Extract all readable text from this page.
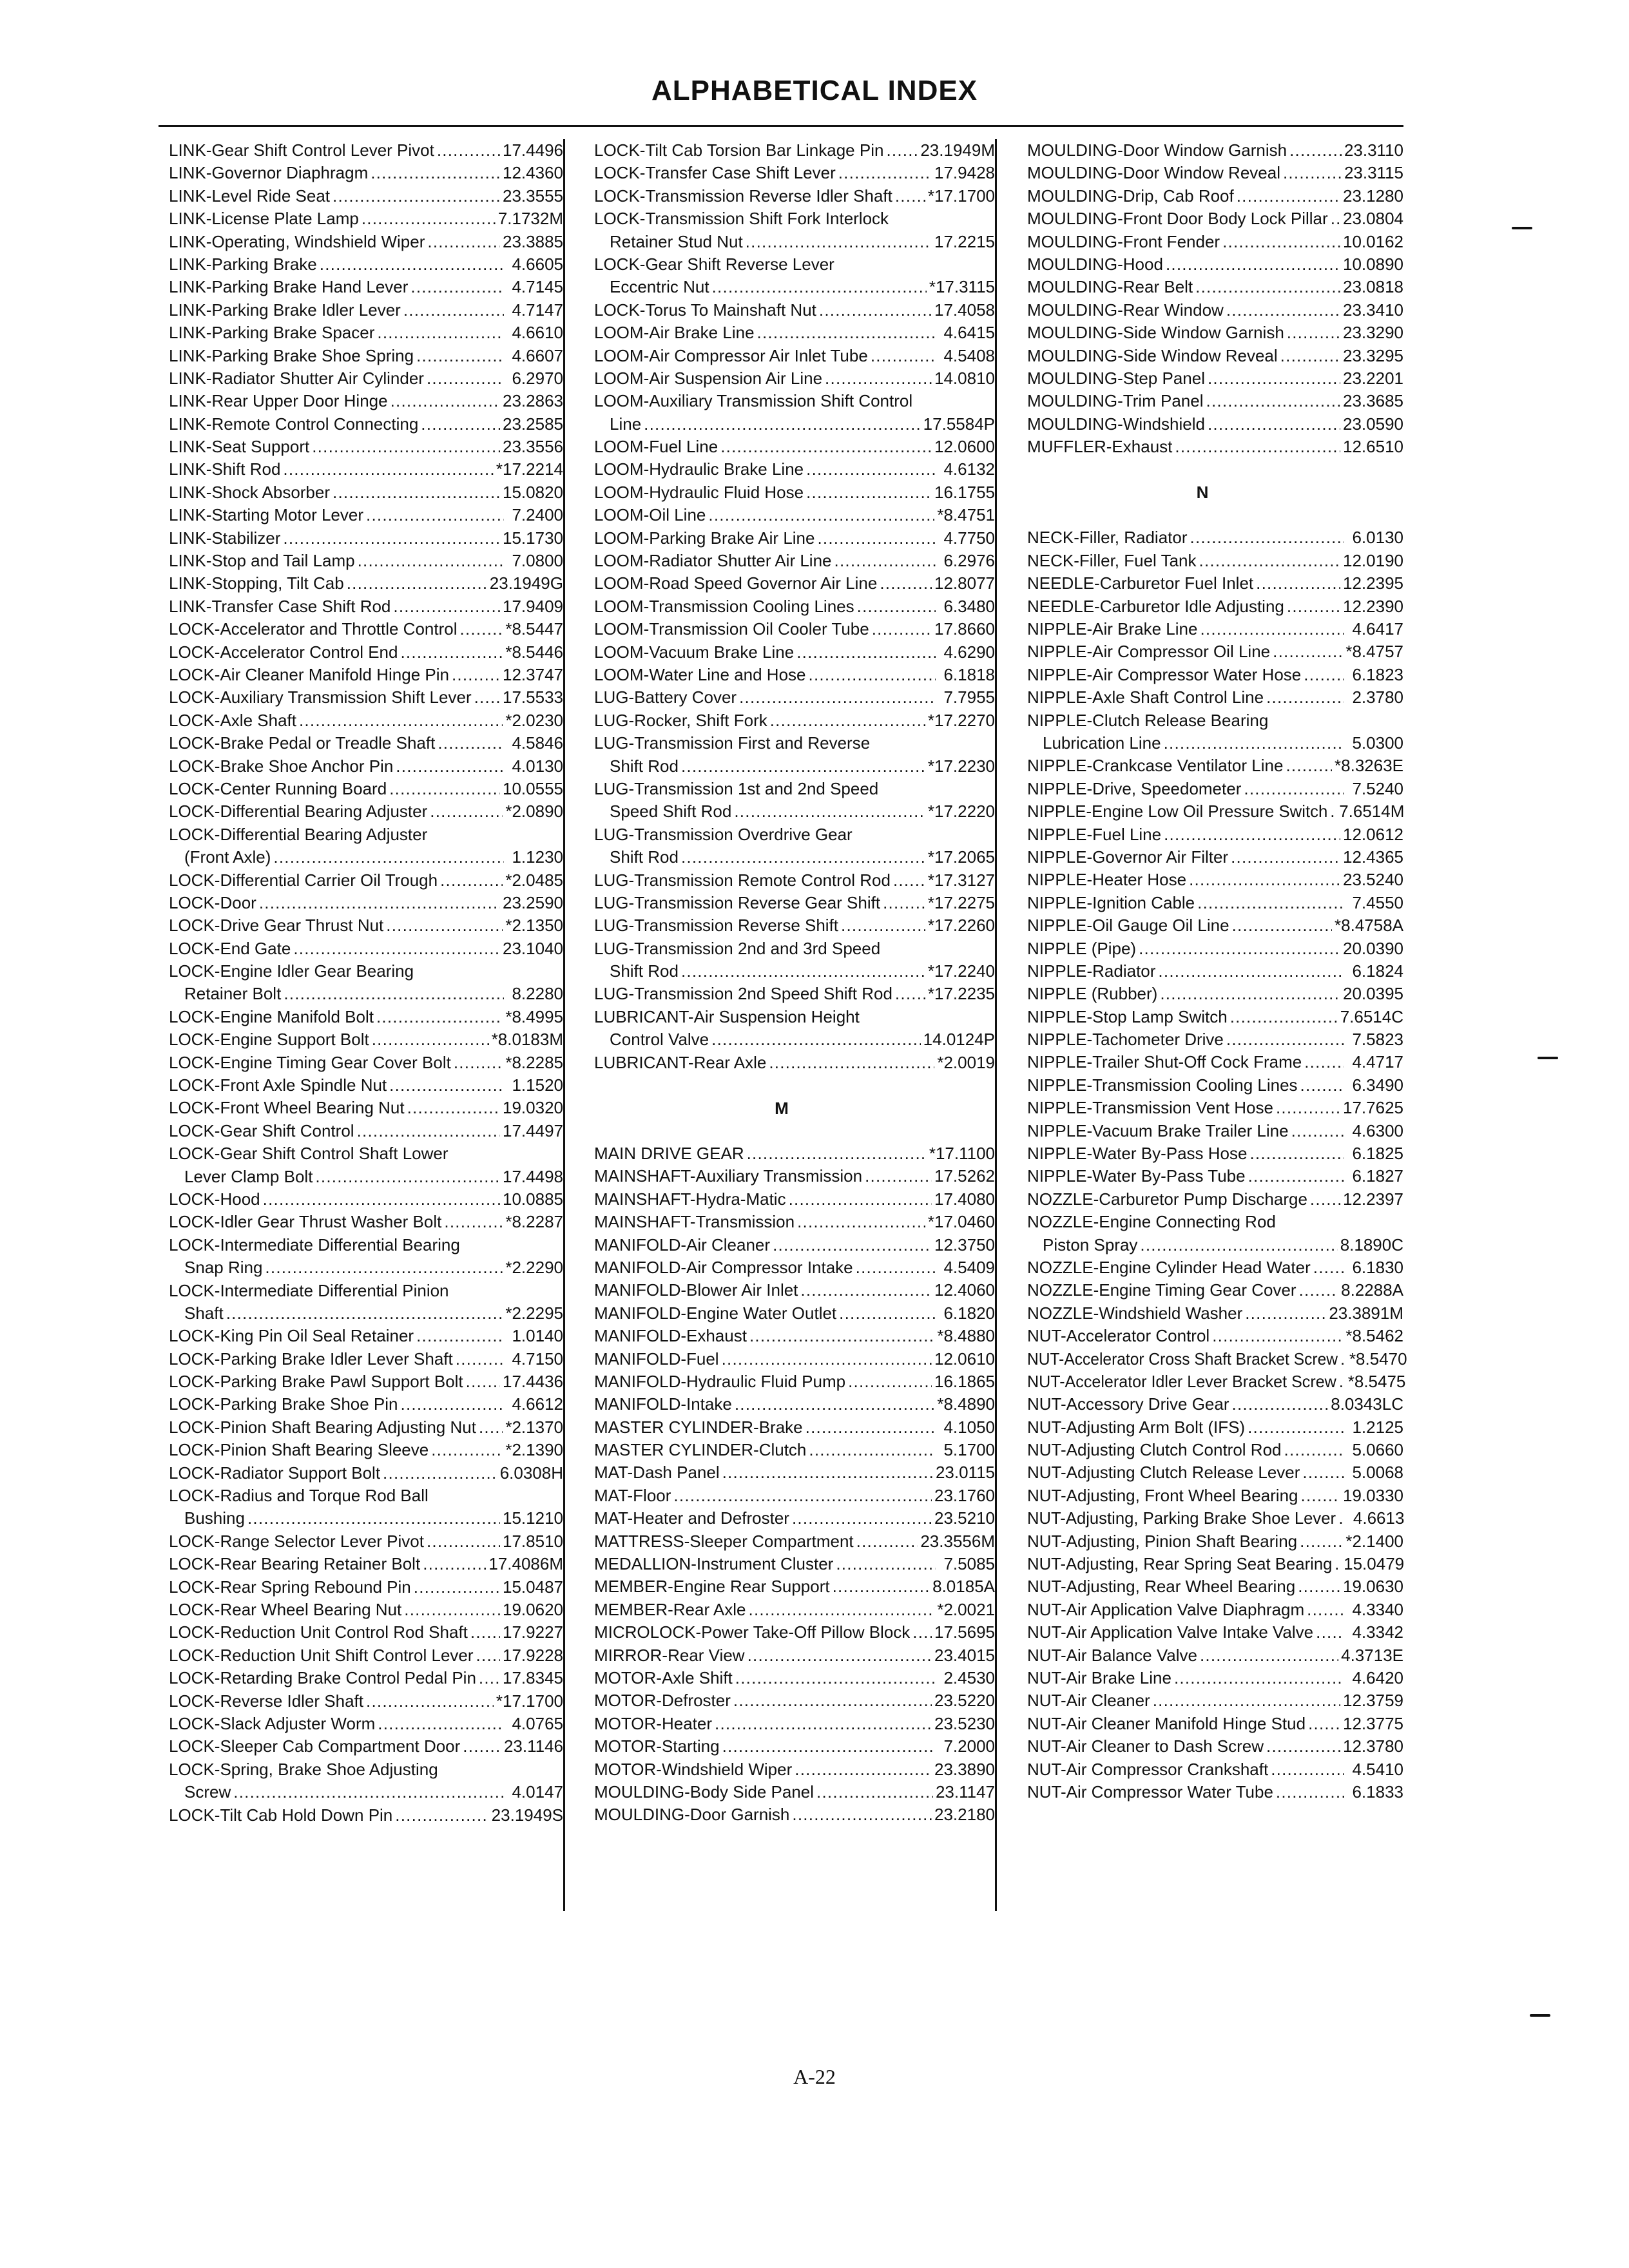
ALPHABETICAL INDEX
LINK-Gear Shift Control Lever Pivot . . .	17.4496
LINK-Governor Diaphragm . . .	12.4360
LINK-Level Ride Seat . . .	23.3555
LINK-License Plate Lamp . . .	7.1732M
LINK-Operating, Windshield Wiper . . .	23.3885
LINK-Parking Brake . . .	4.6605
LINK-Parking Brake Hand Lever . . .	4.7145
LINK-Parking Brake Idler Lever . . .	4.7147
LINK-Parking Brake Spacer . . .	4.6610
LINK-Parking Brake Shoe Spring . . .	4.6607
LINK-Radiator Shutter Air Cylinder . . .	6.2970
LINK-Rear Upper Door Hinge . . .	23.2863
LINK-Remote Control Connecting . . .	23.2585
LINK-Seat Support . . .	23.3556
LINK-Shift Rod . . .	*17.2214
LINK-Shock Absorber . . .	15.0820
LINK-Starting Motor Lever . . .	7.2400
LINK-Stabilizer . . .	15.1730
LINK-Stop and Tail Lamp . . .	7.0800
LINK-Stopping, Tilt Cab . . .	23.1949G
LINK-Transfer Case Shift Rod . . .	17.9409
LOCK-Accelerator and Throttle Control . . .	*8.5447
LOCK-Accelerator Control End . . .	*8.5446
LOCK-Air Cleaner Manifold Hinge Pin . . .	12.3747
LOCK-Auxiliary Transmission Shift Lever . . . 17.5533
LOCK-Axle Shaft . . .	*2.0230
LOCK-Brake Pedal or Treadle Shaft . . .	4.5846
LOCK-Brake Shoe Anchor Pin . . .	4.0130
LOCK-Center Running Board . . .	10.0555
LOCK-Differential Bearing Adjuster . . .	*2.0890
LOCK-Differential Bearing Adjuster
(Front Axle) . . .	1.1230
LOCK-Differential Carrier Oil Trough . . .	*2.0485
LOCK-Door . . .	23.2590
LOCK-Drive Gear Thrust Nut . . .	*2.1350
LOCK-End Gate . . .	23.1040
LOCK-Engine Idler Gear Bearing
Retainer Bolt . . .	8.2280
LOCK-Engine Manifold Bolt . . .	*8.4995
LOCK-Engine Support Bolt . . .	*8.0183M
LOCK-Engine Timing Gear Cover Bolt . . .	*8.2285
LOCK-Front Axle Spindle Nut . . .	1.1520
LOCK-Front Wheel Bearing Nut . . .	19.0320
LOCK-Gear Shift Control . . .	17.4497
LOCK-Gear Shift Control Shaft Lower
Lever Clamp Bolt . . .	17.4498
LOCK-Hood . . .	10.0885
LOCK-Idler Gear Thrust Washer Bolt . . .	*8.2287
LOCK-Intermediate Differential Bearing
Snap Ring . . .	*2.2290
LOCK-Intermediate Differential Pinion
Shaft . . .	*2.2295
LOCK-King Pin Oil Seal Retainer . . .	1.0140
LOCK-Parking Brake Idler Lever Shaft . . .	4.7150
LOCK-Parking Brake Pawl Support Bolt . . . 17.4436
LOCK-Parking Brake Shoe Pin . . .	4.6612
LOCK-Pinion Shaft Bearing Adjusting Nut . . . *2.1370
LOCK-Pinion Shaft Bearing Sleeve . . .	*2.1390
LOCK-Radiator Support Bolt . . .	6.0308H
LOCK-Radius and Torque Rod Ball
Bushing . . .	15.1210
LOCK-Range Selector Lever Pivot . . .	17.8510
LOCK-Rear Bearing Retainer Bolt . . .	17.4086M
LOCK-Rear Spring Rebound Pin . . .	15.0487
LOCK-Rear Wheel Bearing Nut . . .	19.0620
LOCK-Reduction Unit Control Rod Shaft . . . 17.9227
LOCK-Reduction Unit Shift Control Lever . . . 17.9228
LOCK-Retarding Brake Control Pedal Pin . . . 17.8345
LOCK-Reverse Idler Shaft . . .	*17.1700
LOCK-Slack Adjuster Worm . . .	4.0765
LOCK-Sleeper Cab Compartment Door . . .	23.1146
LOCK-Spring, Brake Shoe Adjusting
Screw . . .	4.0147
LOCK-Tilt Cab Hold Down Pin . . .	23.1949S
LOCK-Tilt Cab Torsion Bar Linkage Pin . . . 23.1949M
LOCK-Transfer Case Shift Lever . . .	17.9428
LOCK-Transmission Reverse Idler Shaft . . . *17.1700
LOCK-Transmission Shift Fork Interlock
Retainer Stud Nut . . .	17.2215
LOCK-Gear Shift Reverse Lever
Eccentric Nut . . .	*17.3115
LOCK-Torus To Mainshaft Nut . . .	17.4058
LOOM-Air Brake Line . . .	4.6415
LOOM-Air Compressor Air Inlet Tube . . .	4.5408
LOOM-Air Suspension Air Line . . .	14.0810
LOOM-Auxiliary Transmission Shift Control
Line . . .	17.5584P
LOOM-Fuel Line . . .	12.0600
LOOM-Hydraulic Brake Line . . .	4.6132
LOOM-Hydraulic Fluid Hose . . .	16.1755
LOOM-Oil Line . . .	*8.4751
LOOM-Parking Brake Air Line . . .	4.7750
LOOM-Radiator Shutter Air Line . . .	6.2976
LOOM-Road Speed Governor Air Line . . .	12.8077
LOOM-Transmission Cooling Lines . . .	6.3480
LOOM-Transmission Oil Cooler Tube . . .	17.8660
LOOM-Vacuum Brake Line . . .	4.6290
LOOM-Water Line and Hose . . .	6.1818
LUG-Battery Cover . . .	7.7955
LUG-Rocker, Shift Fork . . .	*17.2270
LUG-Transmission First and Reverse
Shift Rod . . .	*17.2230
LUG-Transmission 1st and 2nd Speed
Speed Shift Rod . . .	*17.2220
LUG-Transmission Overdrive Gear
Shift Rod . . .	*17.2065
LUG-Transmission Remote Control Rod . . . *17.3127
LUG-Transmission Reverse Gear Shift . . .	*17.2275
LUG-Transmission Reverse Shift . . .	*17.2260
LUG-Transmission 2nd and 3rd Speed
Shift Rod . . .	*17.2240
LUG-Transmission 2nd Speed Shift Rod . . . *17.2235
LUBRICANT-Air Suspension Height
Control Valve . . .	14.0124P
LUBRICANT-Rear Axle . . .	*2.0019
M
MAIN DRIVE GEAR . . .	*17.1100
MAINSHAFT-Auxiliary Transmission . . .	17.5262
MAINSHAFT-Hydra-Matic . . .	17.4080
MAINSHAFT-Transmission . . .	*17.0460
MANIFOLD-Air Cleaner . . .	12.3750
MANIFOLD-Air Compressor Intake . . .	4.5409
MANIFOLD-Blower Air Inlet . . .	12.4060
MANIFOLD-Engine Water Outlet . . .	6.1820
MANIFOLD-Exhaust . . .	*8.4880
MANIFOLD-Fuel . . .	12.0610
MANIFOLD-Hydraulic Fluid Pump . . .	16.1865
MANIFOLD-Intake . . .	*8.4890
MASTER CYLINDER-Brake . . .	4.1050
MASTER CYLINDER-Clutch . . .	5.1700
MAT-Dash Panel . . .	23.0115
MAT-Floor . . .	23.1760
MAT-Heater and Defroster . . .	23.5210
MATTRESS-Sleeper Compartment . . .	23.3556M
MEDALLION-Instrument Cluster . . .	7.5085
MEMBER-Engine Rear Support . . .	8.0185A
MEMBER-Rear Axle . . .	*2.0021
MICROLOCK-Power Take-Off Pillow Block . . . 17.5695
MIRROR-Rear View . . .	23.4015
MOTOR-Axle Shift . . .	2.4530
MOTOR-Defroster . . .	23.5220
MOTOR-Heater . . .	23.5230
MOTOR-Starting . . .	7.2000
MOTOR-Windshield Wiper . . .	23.3890
MOULDING-Body Side Panel . . .	23.1147
MOULDING-Door Garnish . . .	23.2180
MOULDING-Door Window Garnish . . .	23.3110
MOULDING-Door Window Reveal . . .	23.3115
MOULDING-Drip, Cab Roof . . .	23.1280
MOULDING-Front Door Body Lock Pillar . . . 23.0804
MOULDING-Front Fender . . .	10.0162
MOULDING-Hood . . .	10.0890
MOULDING-Rear Belt . . .	23.0818
MOULDING-Rear Window . . .	23.3410
MOULDING-Side Window Garnish . . .	23.3290
MOULDING-Side Window Reveal . . .	23.3295
MOULDING-Step Panel . . .	23.2201
MOULDING-Trim Panel . . .	23.3685
MOULDING-Windshield . . .	23.0590
MUFFLER-Exhaust . . .	12.6510
N
NECK-Filler, Radiator . . .	6.0130
NECK-Filler, Fuel Tank . . .	12.0190
NEEDLE-Carburetor Fuel Inlet . . .	12.2395
NEEDLE-Carburetor Idle Adjusting . . .	12.2390
NIPPLE-Air Brake Line . . .	4.6417
NIPPLE-Air Compressor Oil Line . . .	*8.4757
NIPPLE-Air Compressor Water Hose . . .	6.1823
NIPPLE-Axle Shaft Control Line . . .	2.3780
NIPPLE-Clutch Release Bearing
Lubrication Line . . .	5.0300
NIPPLE-Crankcase Ventilator Line . . .	*8.3263E
NIPPLE-Drive, Speedometer . . .	7.5240
NIPPLE-Engine Low Oil Pressure Switch . . . 7.6514M
NIPPLE-Fuel Line . . .	12.0612
NIPPLE-Governor Air Filter . . .	12.4365
NIPPLE-Heater Hose . . .	23.5240
NIPPLE-Ignition Cable . . .	7.4550
NIPPLE-Oil Gauge Oil Line . . .	*8.4758A
NIPPLE (Pipe) . . .	20.0390
NIPPLE-Radiator . . .	6.1824
NIPPLE (Rubber) . . .	20.0395
NIPPLE-Stop Lamp Switch . . .	7.6514C
NIPPLE-Tachometer Drive . . .	7.5823
NIPPLE-Trailer Shut-Off Cock Frame . . .	4.4717
NIPPLE-Transmission Cooling Lines . . .	6.3490
NIPPLE-Transmission Vent Hose . . .	17.7625
NIPPLE-Vacuum Brake Trailer Line . . .	4.6300
NIPPLE-Water By-Pass Hose . . .	6.1825
NIPPLE-Water By-Pass Tube . . .	6.1827
NOZZLE-Carburetor Pump Discharge . . . 12.2397
NOZZLE-Engine Connecting Rod
Piston Spray . . .	8.1890C
NOZZLE-Engine Cylinder Head Water . . .	6.1830
NOZZLE-Engine Timing Gear Cover . . .	8.2288A
NOZZLE-Windshield Washer . . .	23.3891M
NUT-Accelerator Control . . .	*8.5462
NUT-Accelerator Cross Shaft Bracket Screw . . . *8.5470
NUT-Accelerator Idler Lever Bracket Screw . . . *8.5475
NUT-Accessory Drive Gear . . .	8.0343LC
NUT-Adjusting Arm Bolt (IFS) . . .	1.2125
NUT-Adjusting Clutch Control Rod . . .	5.0660
NUT-Adjusting Clutch Release Lever . . .	5.0068
NUT-Adjusting, Front Wheel Bearing . . .	19.0330
NUT-Adjusting, Parking Brake Shoe Lever . . .	4.6613
NUT-Adjusting, Pinion Shaft Bearing . . .	*2.1400
NUT-Adjusting, Rear Spring Seat Bearing . . . 15.0479
NUT-Adjusting, Rear Wheel Bearing . . .	19.0630
NUT-Air Application Valve Diaphragm . . .	4.3340
NUT-Air Application Valve Intake Valve . . .	4.3342
NUT-Air Balance Valve . . .	4.3713E
NUT-Air Brake Line . . .	4.6420
NUT-Air Cleaner . . .	12.3759
NUT-Air Cleaner Manifold Hinge Stud . . . 12.3775
NUT-Air Cleaner to Dash Screw . . .	12.3780
NUT-Air Compressor Crankshaft . . .	4.5410
NUT-Air Compressor Water Tube . . .	6.1833
A-22
